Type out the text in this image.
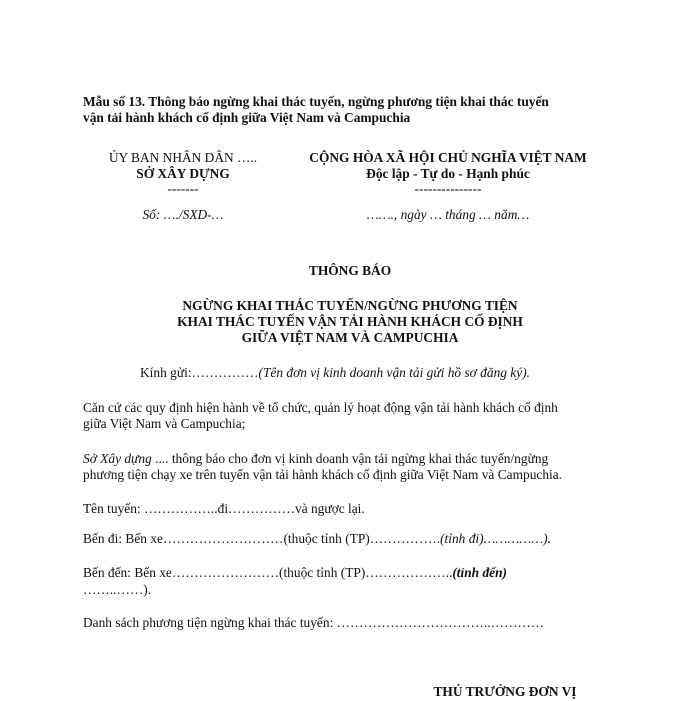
Mẫu số 13. Thông báo ngừng khai thác tuyến, ngừng phương tiện khai thác tuyến

vận tải hành khách cố định giữa Việt Nam và Campuchia

ỦY BAN NHÂN DÂN …..
SỞ XÂY DỰNG
-------
Số: …./SXD-…
CỘNG HÒA XÃ HỘI CHỦ NGHĨA VIỆT NAM
Độc lập - Tự do - Hạnh phúc
---------------
……., ngày … tháng … năm…
THÔNG BÁO
NGỪNG KHAI THÁC TUYẾN/NGỪNG PHƯƠNG TIỆN
KHAI THÁC TUYẾN VẬN TẢI HÀNH KHÁCH CỐ ĐỊNH
GIỮA VIỆT NAM VÀ CAMPUCHIA

Kính gửi:……………(Tên đơn vị kinh doanh vận tải gửi hồ sơ đăng ký).

Căn cứ các quy định hiện hành về tổ chức, quản lý hoạt động vận tải hành khách cố định

giữa Việt Nam và Campuchia;

Sở Xây dựng .... thông báo cho đơn vị kinh doanh vận tải ngừng khai thác tuyến/ngừng

phương tiện chạy xe trên tuyến vận tải hành khách cố định giữa Việt Nam và Campuchia.

Tên tuyến: ……………..đi……………và ngược lại.

Bến đi: Bến xe………………………(thuộc tỉnh (TP)…………….(tỉnh đi)……………).

Bến đến: Bến xe……………………(thuộc tỉnh (TP)………………..(tỉnh đến)

……..……).

Danh sách phương tiện ngừng khai thác tuyến: ……………………………..…………

THỦ TRƯỞNG ĐƠN VỊ
